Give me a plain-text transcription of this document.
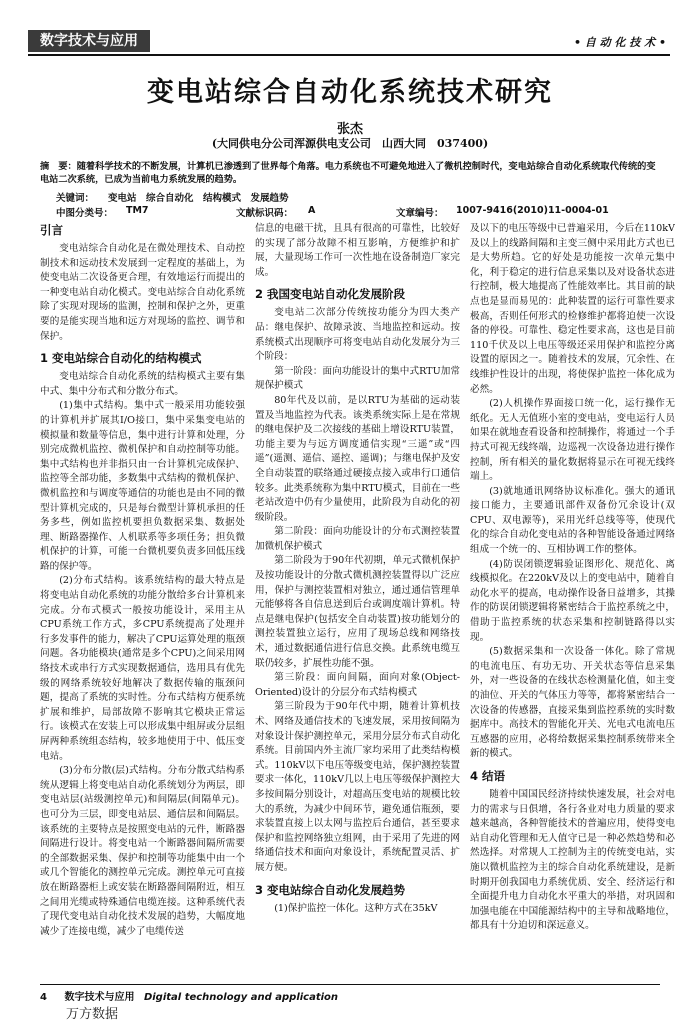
数字技术与应用	• 自 动 化 技 术 •
变电站综合自动化系统技术研究
张杰
(大同供电分公司浑源供电支公司　山西大同　037400)
摘　要：随着科学技术的不断发展，计算机已渗透到了世界每个角落。电力系统也不可避免地进入了微机控制时代，变电站综合自动化系统取代传统的变电站二次系统，已成为当前电力系统发展的趋势。
关键词： 变电站　综合自动化　结构模式　发展趋势
中图分类号： TM7	文献标识码： A	文章编号： 1007-9416(2010)11-0004-01
引言

变电站综合自动化是在微处理技术、自动控制技术和远动技术发展到一定程度的基础上，为使变电站二次设备更合理，有效地运行而提出的一种变电站自动化模式。变电站综合自动化系统除了实现对现场的监测，控制和保护之外，更重要的是能实现当地和远方对现场的监控、调节和保护。

1 变电站综合自动化的结构模式

变电站综合自动化系统的结构模式主要有集中式、集中分布式和分散分布式。

(1)集中式结构。集中式一般采用功能较强的计算机并扩展其I/O接口，集中采集变电站的模拟量和数量等信息，集中进行计算和处理，分别完成微机监控、微机保护和自动控制等功能。集中式结构也并非指只由一台计算机完成保护、监控等全部功能，多数集中式结构的微机保护、微机监控和与调度等通信的功能也是由不同的微型计算机完成的，只是每台微型计算机承担的任务多些，例如监控机要担负数据采集、数据处理、断路器操作、人机联系等多项任务；担负微机保护的计算，可能一台微机要负责多回低压线路的保护等。

(2)分布式结构。该系统结构的最大特点是将变电站自动化系统的功能分散给多台计算机来完成。分布式模式一般按功能设计，采用主从CPU系统工作方式，多CPU系统提高了处理并行多发事件的能力，解决了CPU运算处理的瓶颈问题。各功能模块(通常是多个CPU)之间采用网络技术或串行方式实现数据通信，选用具有优先级的网络系统较好地解决了数据传输的瓶颈问题，提高了系统的实时性。分布式结构方便系统扩展和维护，局部故障不影响其它模块正常运行。该模式在安装上可以形成集中组屏或分层组屏两种系统组态结构，较多地使用于中、低压变电站。

(3)分布分散(层)式结构。分布分散式结构系统从逻辑上将变电站自动化系统划分为两层，即变电站层(站级测控单元)和间隔层(间隔单元)。也可分为三层，即变电站层、通信层和间隔层。该系统的主要特点是按照变电站的元件，断路器间隔进行设计。将变电站一个断路器间隔所需要的全部数据采集、保护和控制等功能集中由一个或几个智能化的测控单元完成。测控单元可直接放在断路器柜上或安装在断路器间隔附近，相互之间用光缆或特殊通信电缆连接。这种系统代表了现代变电站自动化技术发展的趋势，大幅度地减少了连接电缆，减少了电缆传送

信息的电磁干扰，且具有很高的可靠性，比较好的实现了部分故障不相互影响，方便维护和扩展，大量现场工作可一次性地在设备制造厂家完成。

2 我国变电站自动化发展阶段

变电站二次部分传统按功能分为四大类产品：继电保护、故障录波、当地监控和远动。按系统模式出现顺序可将变电站自动化发展分为三个阶段：

第一阶段：面向功能设计的集中式RTU加常规保护模式

80年代及以前，是以RTU为基础的远动装置及当地监控为代表。该类系统实际上是在常规的继电保护及二次接线的基础上增设RTU装置，功能主要为与远方调度通信实现“三遥”或“四遥”(遥测、遥信、遥控、遥调)；与继电保护及安全自动装置的联络通过硬接点接入或串行口通信较多。此类系统称为集中RTU模式，目前在一些老站改造中仍有少量使用，此阶段为自动化的初级阶段。

第二阶段：面向功能设计的分布式测控装置加微机保护模式

第二阶段为于90年代初期，单元式微机保护及按功能设计的分散式微机测控装置得以广泛应用，保护与测控装置相对独立，通过通信管理单元能够将各自信息送到后台或调度端计算机。特点是继电保护(包括安全自动装置)按功能划分的测控装置独立运行，应用了现场总线和网络技术，通过数据通信进行信息交换。此系统电缆互联仍较多，扩展性功能不强。

第三阶段：面向间隔，面向对象(Object-Oriented)设计的分层分布式结构模式

第三阶段为于90年代中期，随着计算机技术、网络及通信技术的飞速发展，采用按间隔为对象设计保护测控单元，采用分层分布式自动化系统。目前国内外主流厂家均采用了此类结构模式。110kV以下电压等级变电站，保护测控装置要求一体化，110kV几以上电压等级保护测控大多按间隔分别设计，对超高压变电站的规模比较大的系统，为减少中间环节，避免通信瓶颈，要求装置直接上以太网与监控后台通信，甚至要求保护和监控网络独立组网，由于采用了先进的网络通信技术和面向对象设计，系统配置灵活、扩展方便。

3 变电站综合自动化发展趋势

(1)保护监控一体化。这种方式在35kV

及以下的电压等级中已普遍采用，今后在110kV及以上的线路间隔和主变三侧中采用此方式也已是大势所趋。它的好处是功能按一次单元集中化，利于稳定的进行信息采集以及对设备状态进行控制，极大地提高了性能效率比。其目前的缺点也是显而易见的：此种装置的运行可靠性要求极高，否则任何形式的检修维护都将迫使一次设备的停役。可靠性、稳定性要求高，这也是目前110千伏及以上电压等级还采用保护和监控分离设置的原因之一。随着技术的发展，冗余性、在线维护性设计的出现，将使保护监控一体化成为必然。

(2)人机操作界面接口统一化，运行操作无纸化。无人无值班小室的变电站，变电运行人员如果在就地查看设备和控制操作，将通过一个手持式可视无线终端，边巡视一次设备边进行操作控制，所有相关的量化数据将显示在可视无线终端上。

(3)就地通讯网络协议标准化。强大的通讯接口能力，主要通讯部件双备份冗余设计(双CPU、双电源等)，采用光纤总线等等，使现代化的综合自动化变电站的各种智能设备通过网络组成一个统一的、互相协调工作的整体。

(4)防误闭锁逻辑验证图形化、规范化、离线模拟化。在220kV及以上的变电站中，随着自动化水平的提高，电动操作设备日益增多，其操作的防误闭锁逻辑将紧密结合于监控系统之中，借助于监控系统的状态采集和控制链路得以实现。

(5)数据采集和一次设备一体化。除了常规的电流电压、有功无功、开关状态等信息采集外，对一些设备的在线状态检测量化值，如主变的油位、开关的气体压力等等，都将紧密结合一次设备的传感器，直接采集到监控系统的实时数据库中。高技术的智能化开关、光电式电流电压互感器的应用，必将给数据采集控制系统带来全新的模式。

4 结语

随着中国国民经济持续快速发展，社会对电力的需求与日俱增，各行各业对电力质量的要求越来越高，各种智能技术的普遍应用，使得变电站自动化管理和无人值守已是一种必然趋势和必然选择。对常规人工控制为主的传统变电站，实施以微机监控为主的综合自动化系统建设，是新时期开创我国电力系统优质、安全、经济运行和全面提升电力自动化水平重大的举措，对巩固和加强电能在中国能源结构中的主导和战略地位，都具有十分迫切和深远意义。

4 数字技术与应用 Digital technology and application
万方数据
